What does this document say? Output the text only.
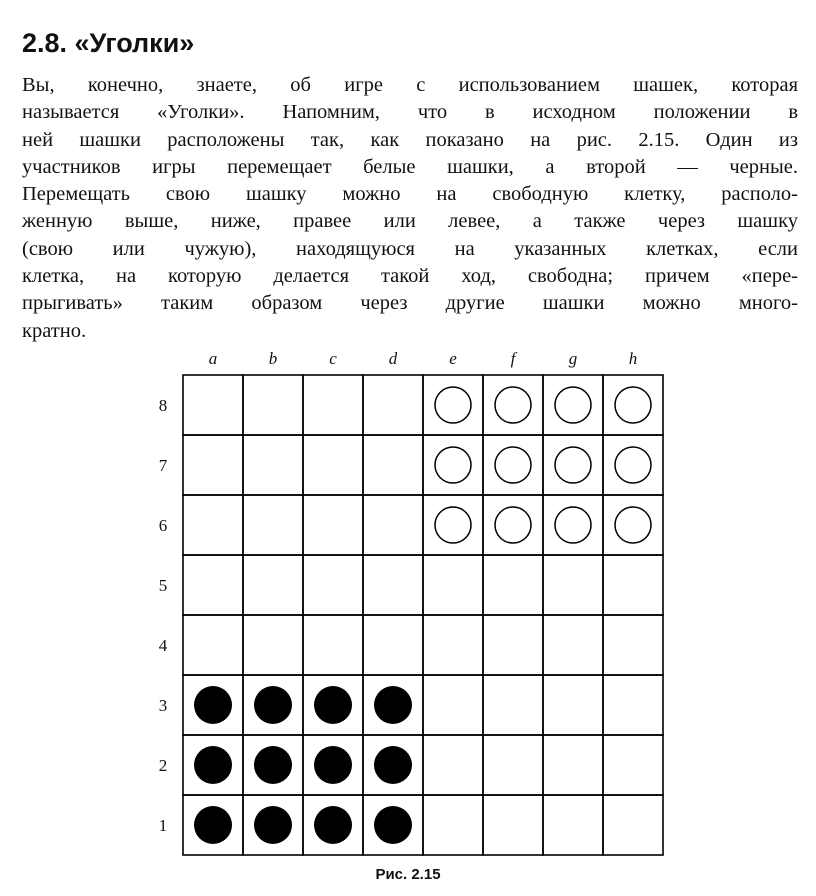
2.8. «Уголки»
Вы, конечно, знаете, об игре с использованием шашек, которая
называется «Уголки». Напомним, что в исходном положении в
ней шашки расположены так, как показано на рис. 2.15. Один из
участников игры перемещает белые шашки, а второй — черные.
Перемещать свою шашку можно на свободную клетку, располо-
женную выше, ниже, правее или левее, а также через шашку
(свою или чужую), находящуюся на указанных клетках, если
клетка, на которую делается такой ход, свободна; причем «пере-
прыгивать» таким образом через другие шашки можно много-
кратно.
a	b	c	d	e	f	g	h
8
7
6
5
4
3
2
1
Рис. 2.15
